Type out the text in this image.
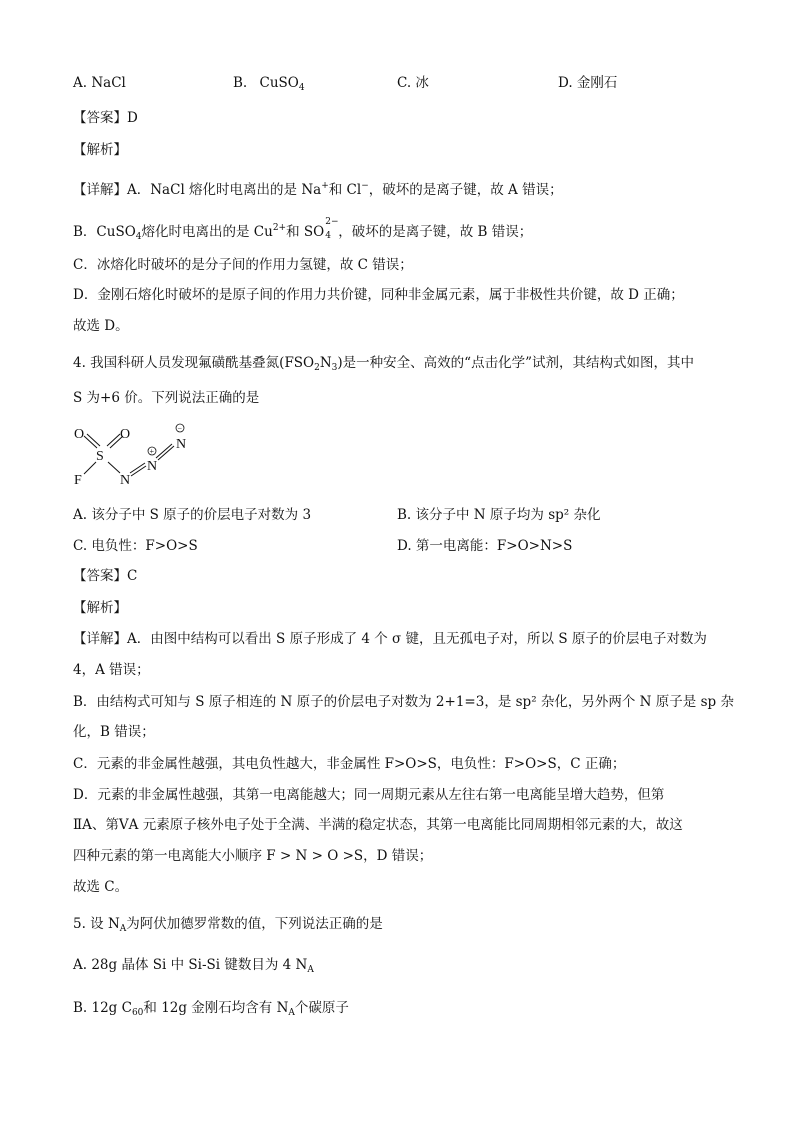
A. NaCl	B. CuSO$_4$	C. 冰	D. 金刚石
【答案】D
【解析】
【详解】A．NaCl 熔化时电离出的是 Na+和 Cl−，破坏的是离子键，故 A 错误；
B．CuSO$_4$熔化时电离出的是 $Cu^{2+}$和 SO
2−
4 ，破坏的是离子键，故 B 错误；
C．冰熔化时破坏的是分子间的作用力氢键，故 C 错误；
D．金刚石熔化时破坏的是原子间的作用力共价键，同种非金属元素，属于非极性共价键，故 D 正确；
故选 D。
4. 我国科研人员发现氟磺酰基叠氮$(FSO_2N_3)$是一种安全、高效的“点击化学”试剂，其结构式如图，其中
S 为+6 价。下列说法正确的是
O	O
S
F	N
N
N
+
−
A. 该分子中 S 原子的价层电子对数为 3	B. 该分子中 N 原子均为 sp² 杂化
C. 电负性：F>O>S	D. 第一电离能：F>O>N>S
【答案】C
【解析】
【详解】A．由图中结构可以看出 S 原子形成了 4 个 σ 键，且无孤电子对，所以 S 原子的价层电子对数为
4，A 错误；
B．由结构式可知与 S 原子相连的 N 原子的价层电子对数为 2+1=3，是 sp² 杂化，另外两个 N 原子是 sp 杂
化，B 错误；
C．元素的非金属性越强，其电负性越大，非金属性 F>O>S，电负性：F>O>S，C 正确；
D．元素的非金属性越强，其第一电离能越大；同一周期元素从左往右第一电离能呈增大趋势，但第
ⅡA、第ⅤA 元素原子核外电子处于全满、半满的稳定状态，其第一电离能比同周期相邻元素的大，故这
四种元素的第一电离能大小顺序 F > N > O >S，D 错误；
故选 C。
5. 设 $N_A$为阿伏加德罗常数的值，下列说法正确的是
A. 28g 晶体 Si 中 Si-Si 键数目为 4 $N_A$
B. 12g $C_{60}$和 12g 金刚石均含有 $N_A$个碳原子
